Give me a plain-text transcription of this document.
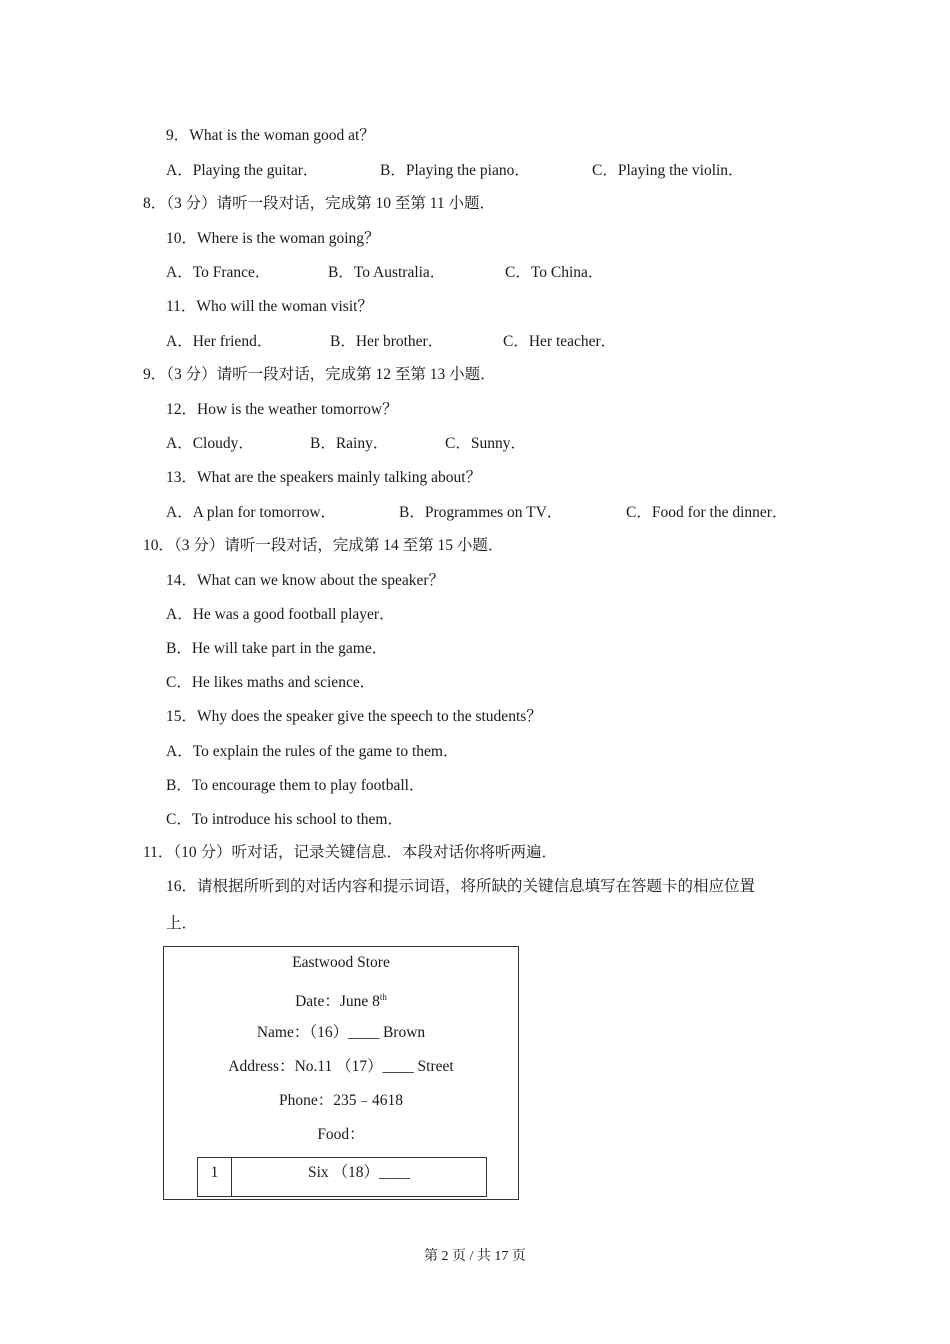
9．What is the woman good at？
A．Playing the guitar．	B．Playing the piano．	C．Playing the violin．
8．（3 分）请听一段对话，完成第 10 至第 11 小题．
10．Where is the woman going？
A．To France．	B．To Australia．	C．To China．
11．Who will the woman visit？
A．Her friend．	B．Her brother．	C．Her teacher．
9．（3 分）请听一段对话，完成第 12 至第 13 小题．
12．How is the weather tomorrow？
A．Cloudy．	B．Rainy．	C．Sunny．
13．What are the speakers mainly talking about？
A．A plan for tomorrow．	B．Programmes on TV．	C．Food for the dinner．
10．（3 分）请听一段对话，完成第 14 至第 15 小题．
14．What can we know about the speaker？
A．He was a good football player．
B．He will take part in the game．
C．He likes maths and science．
15．Why does the speaker give the speech to the students？
A．To explain the rules of the game to them．
B．To encourage them to play football．
C．To introduce his school to them．
11．（10 分）听对话，记录关键信息．本段对话你将听两遍．
16．请根据所听到的对话内容和提示词语，将所缺的关键信息填写在答题卡的相应位置
上．
Eastwood Store
Date：June 8th
Name：（16）____ Brown
Address：No.11 （17）____ Street
Phone：235﹣4618
Food：
1	Six （18）____
第 2 页 / 共 17 页
